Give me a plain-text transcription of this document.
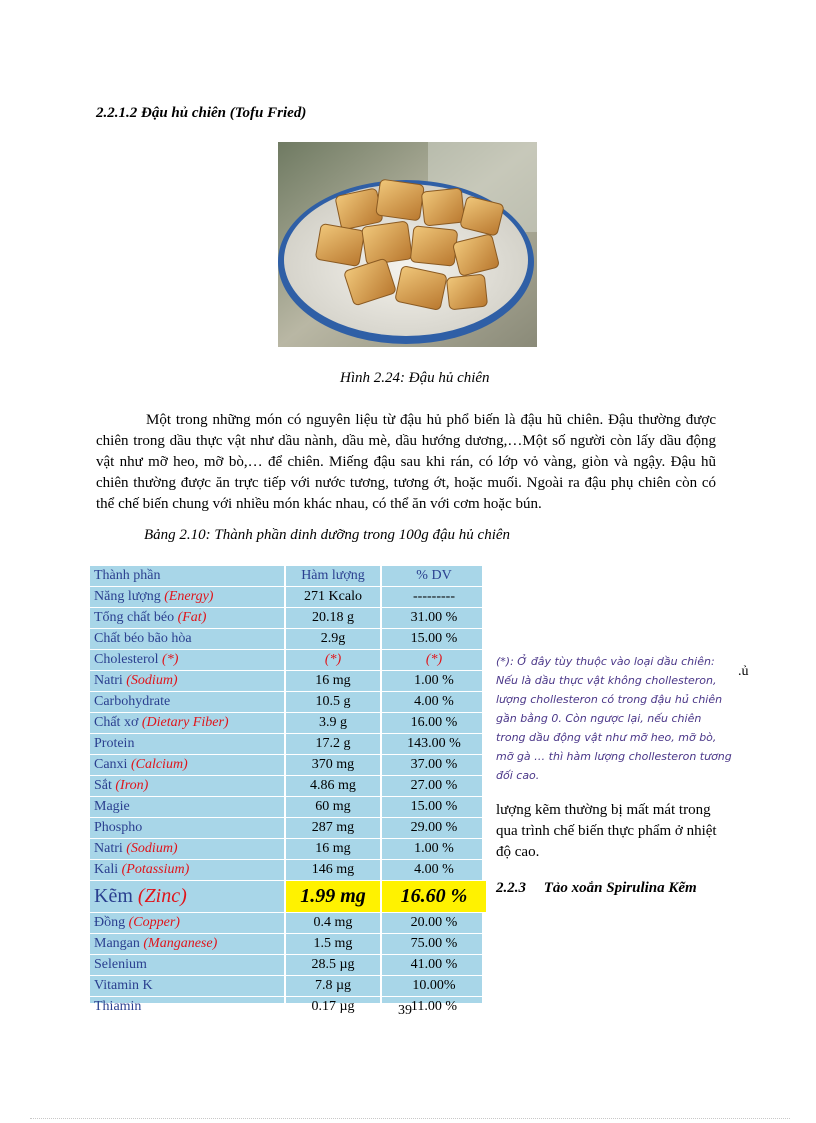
2.2.1.2 Đậu hủ chiên (Tofu Fried)
Hình 2.24: Đậu hủ chiên

Một trong những món có nguyên liệu từ đậu hủ phổ biến là đậu hũ chiên. Đậu thường được chiên trong dầu thực vật như dầu nành, dầu mè, dầu hướng dương,…Một số người còn lấy dầu động vật như mỡ heo, mỡ bò,… để chiên. Miếng đậu sau khi rán, có lớp vỏ vàng, giòn và ngậy. Đậu hũ chiên thường được ăn trực tiếp với nước tương, tương ớt, hoặc muối. Ngoài ra đậu phụ chiên còn có thể chế biến chung với nhiều món khác nhau, có thể ăn với cơm hoặc bún.

Bảng 2.10: Thành phần dinh dưỡng trong 100g đậu hủ chiên
Thành phần	Hàm lượng	% DV
Năng lượng (Energy)	271 Kcalo	---------
Tổng chất béo (Fat)	20.18 g	31.00 %
Chất béo bão hòa	2.9g	15.00 %
Cholesterol (*)	(*)	(*)
Natri (Sodium)	16 mg	1.00 %
Carbohydrate	10.5 g	4.00 %
Chất xơ (Dietary Fiber)	3.9 g	16.00 %
Protein	17.2 g	143.00 %
Canxi (Calcium)	370 mg	37.00 %
Sắt (Iron)	4.86 mg	27.00 %
Magie	60 mg	15.00 %
Phospho	287 mg	29.00 %
Natri (Sodium)	16 mg	1.00 %
Kali (Potassium)	146 mg	4.00 %
Kẽm (Zinc)	1.99 mg	16.60 %
Đồng (Copper)	0.4 mg	20.00 %
Mangan (Manganese)	1.5 mg	75.00 %
Selenium	28.5 µg	41.00 %
Vitamin K	7.8 µg	10.00%
Thiamin	0.17 µg	11.00 %
(*): Ở đây tùy thuộc vào loại dầu chiên: Nếu là dầu thực vật không chollesteron, lượng chollesteron có trong đậu hủ chiên gần bằng 0. Còn ngược lại, nếu chiên trong dầu động vật như mỡ heo, mỡ bò, mỡ gà … thì hàm lượng chollesteron tương đối cao.
.ủ
lượng kẽm thường bị mất mát trong qua trình chế biến thực phẩm ở nhiệt độ cao.
2.2.3 Tảo xoắn Spirulina Kẽm
39
